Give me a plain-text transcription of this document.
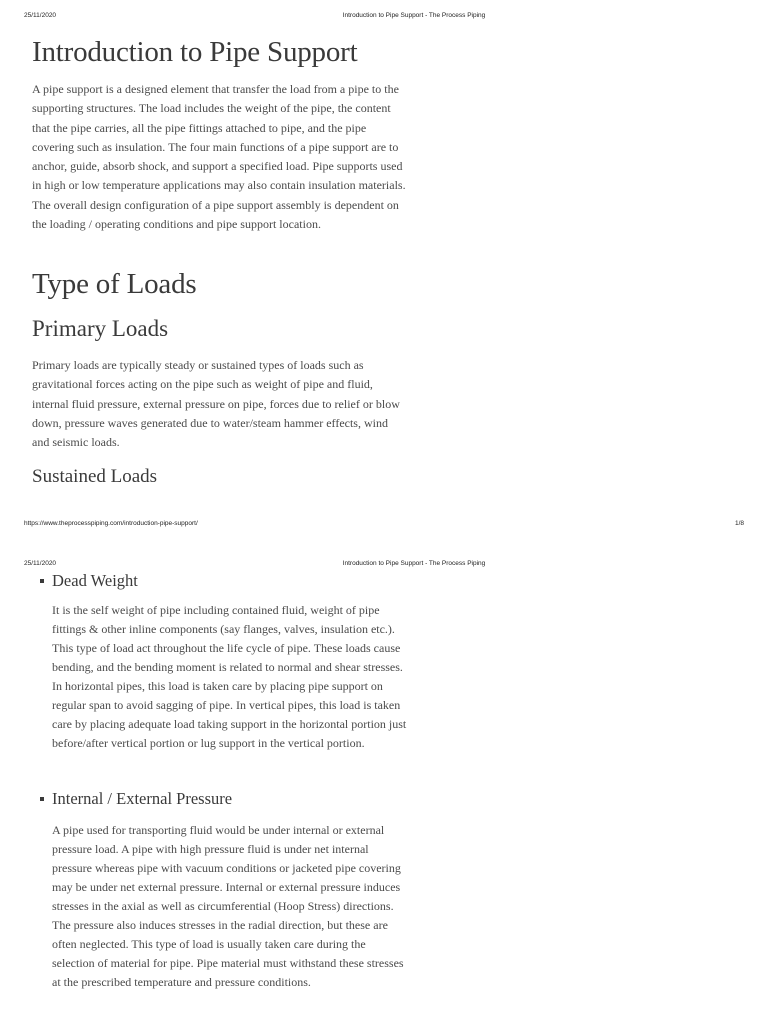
25/11/2020	Introduction to Pipe Support - The Process Piping
Introduction to Pipe Support

A pipe support is a designed element that transfer the load from a pipe to the supporting structures. The load includes the weight of the pipe, the content that the pipe carries, all the pipe fittings attached to pipe, and the pipe covering such as insulation. The four main functions of a pipe support are to anchor, guide, absorb shock, and support a specified load. Pipe supports used in high or low temperature applications may also contain insulation materials. The overall design configuration of a pipe support assembly is dependent on the loading / operating conditions and pipe support location.

Type of Loads
Primary Loads

Primary loads are typically steady or sustained types of loads such as gravitational forces acting on the pipe such as weight of pipe and fluid, internal fluid pressure, external pressure on pipe, forces due to relief or blow down, pressure waves generated due to water/steam hammer effects, wind and seismic loads.

Sustained Loads
https://www.theprocesspiping.com/introduction-pipe-support/	1/8
25/11/2020	Introduction to Pipe Support - The Process Piping
Dead Weight

It is the self weight of pipe including contained fluid, weight of pipe fittings & other inline components (say flanges, valves, insulation etc.). This type of load act throughout the life cycle of pipe. These loads cause bending, and the bending moment is related to normal and shear stresses. In horizontal pipes, this load is taken care by placing pipe support on regular span to avoid sagging of pipe. In vertical pipes, this load is taken care by placing adequate load taking support in the horizontal portion just before/after vertical portion or lug support in the vertical portion.

Internal / External Pressure

A pipe used for transporting fluid would be under internal or external pressure load. A pipe with high pressure fluid is under net internal pressure whereas pipe with vacuum conditions or jacketed pipe covering may be under net external pressure. Internal or external pressure induces stresses in the axial as well as circumferential (Hoop Stress) directions. The pressure also induces stresses in the radial direction, but these are often neglected. This type of load is usually taken care during the selection of material for pipe. Pipe material must withstand these stresses at the prescribed temperature and pressure conditions.
